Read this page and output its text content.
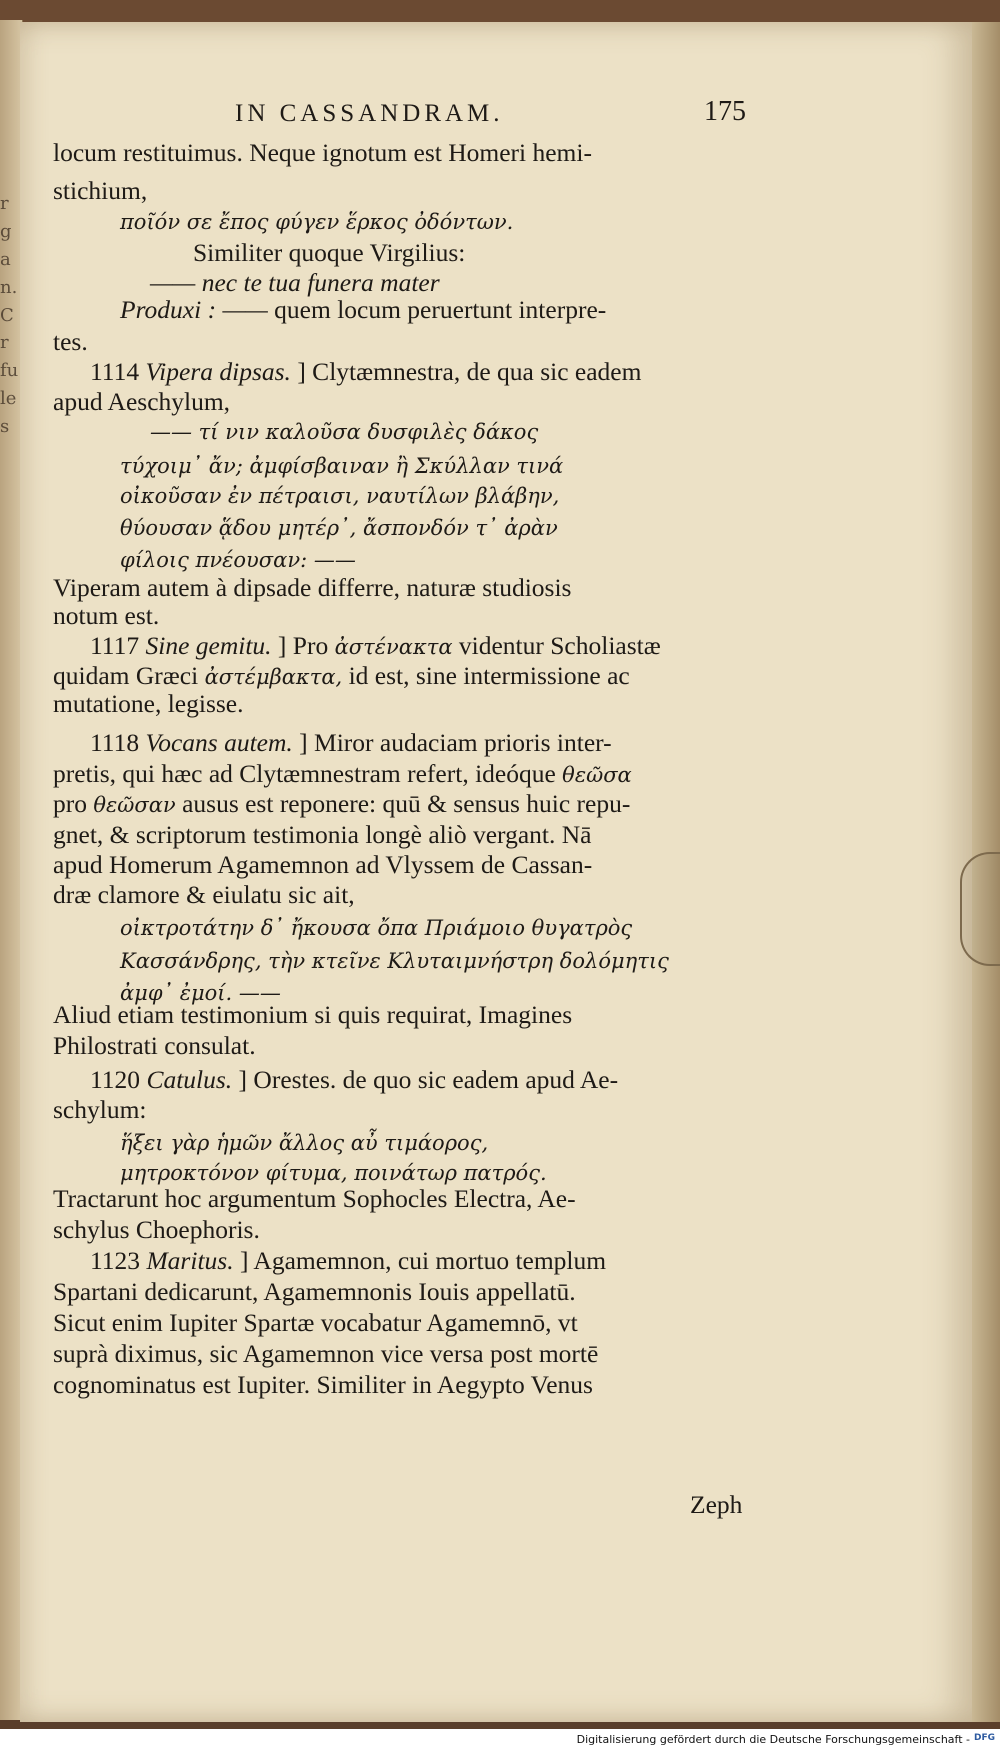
r ga n. Cr fu le s
IN CASSANDRAM.	175
locum restituimus. Neque ignotum est Homeri hemi-
stichium,
ποῖόν σε ἔπος φύγεν ἕρκος ὀδόντων.
Similiter quoque Virgilius:
—— nec te tua funera mater
Produxi : —— quem locum peruertunt interpre-
tes.
1114 Vipera dipsas. ] Clytæmnestra, de qua sic eadem
apud Aeschylum,
—— τί νιν καλοῦσα δυσφιλὲς δάκος
τύχοιμ᾽ ἄν; ἀμφίσβαιναν ἢ Σκύλλαν τινά
οἰκοῦσαν ἐν πέτραισι, ναυτίλων βλάβην,
θύουσαν ᾅδου μητέρ᾽, ἄσπονδόν τ᾽ ἀρὰν
φίλοις πνέουσαν: ——
Viperam autem à dipsade differre, naturæ studiosis
notum est.
1117 Sine gemitu. ] Pro ἀστένακτα videntur Scholiastæ
quidam Græci ἀστέμβακτα, id est, sine intermissione ac
mutatione, legisse.
1118 Vocans autem. ] Miror audaciam prioris inter-
pretis, qui hæc ad Clytæmnestram refert, ideóque θεῶσα
pro θεῶσαν ausus est reponere: quū & sensus huic repu-
gnet, & scriptorum testimonia longè aliò vergant. Nā
apud Homerum Agamemnon ad Vlyssem de Cassan-
dræ clamore & eiulatu sic ait,
οἰκτροτάτην δ᾽ ἤκουσα ὄπα Πριάμοιο θυγατρὸς
Κασσάνδρης, τὴν κτεῖνε Κλυταιμνήστρη δολόμητις
ἀμφ᾽ ἐμοί. ——
Aliud etiam testimonium si quis requirat, Imagines
Philostrati consulat.
1120 Catulus. ] Orestes. de quo sic eadem apud Ae-
schylum:
ἥξει γὰρ ἡμῶν ἄλλος αὖ τιμάορος,
μητροκτόνον φίτυμα, ποινάτωρ πατρός.
Tractarunt hoc argumentum Sophocles Electra, Ae-
schylus Choephoris.
1123 Maritus. ] Agamemnon, cui mortuo templum
Spartani dedicarunt, Agamemnonis Iouis appellatū.
Sicut enim Iupiter Spartæ vocabatur Agamemnō, vt
suprà diximus, sic Agamemnon vice versa post mortē
cognominatus est Iupiter. Similiter in Aegypto Venus
Zeph
Digitalisierung gefördert durch die Deutsche Forschungsgemeinschaft - DFG
